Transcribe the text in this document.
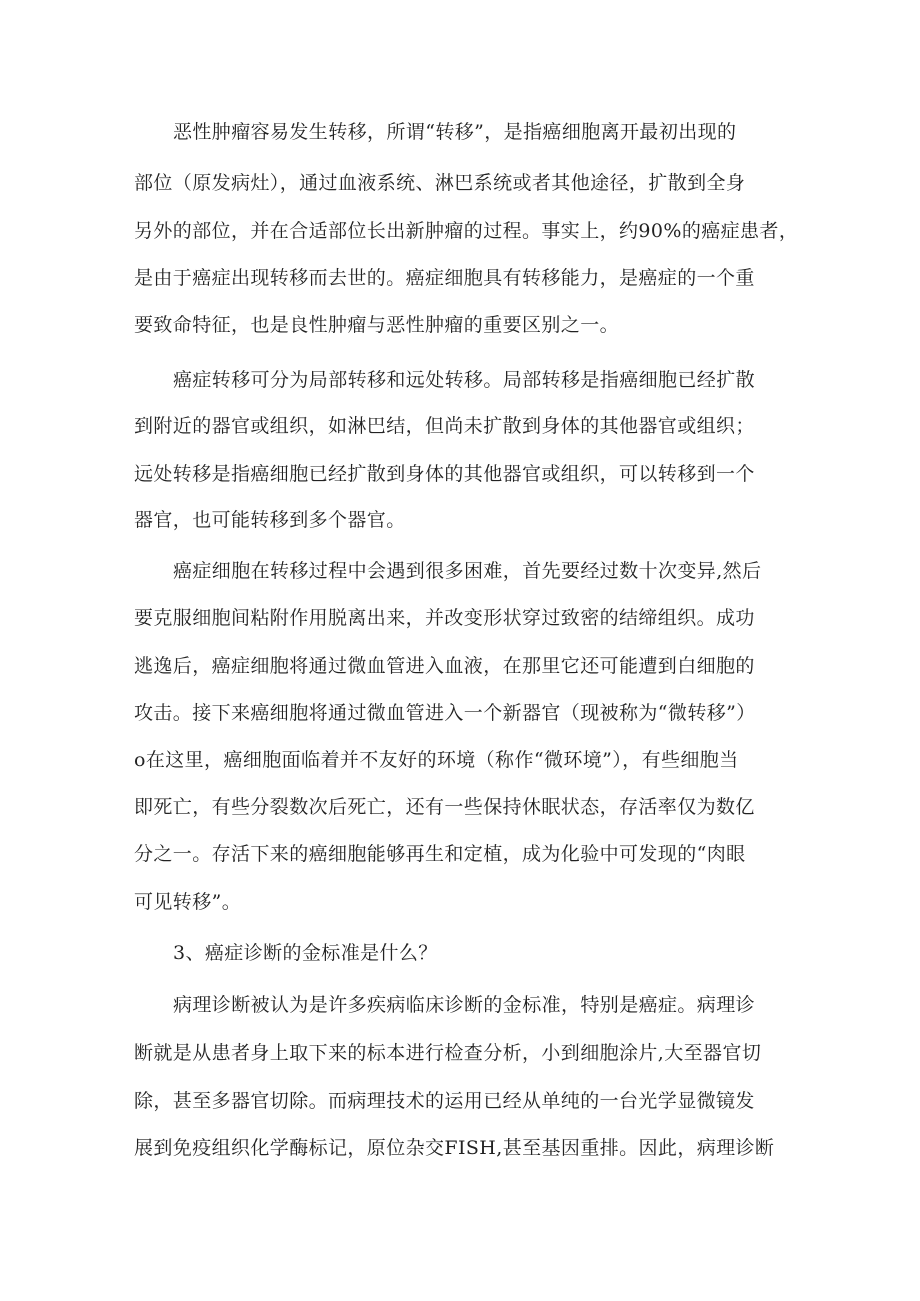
恶性肿瘤容易发生转移，所谓“转移”，是指癌细胞离开最初出现的
部位（原发病灶），通过血液系统、淋巴系统或者其他途径，扩散到全身
另外的部位，并在合适部位长出新肿瘤的过程。事实上，约90%的癌症患者，
是由于癌症出现转移而去世的。癌症细胞具有转移能力，是癌症的一个重
要致命特征，也是良性肿瘤与恶性肿瘤的重要区别之一。
癌症转移可分为局部转移和远处转移。局部转移是指癌细胞已经扩散
到附近的器官或组织，如淋巴结，但尚未扩散到身体的其他器官或组织；
远处转移是指癌细胞已经扩散到身体的其他器官或组织，可以转移到一个
器官，也可能转移到多个器官。
癌症细胞在转移过程中会遇到很多困难，首先要经过数十次变异,然后
要克服细胞间粘附作用脱离出来，并改变形状穿过致密的结缔组织。成功
逃逸后，癌症细胞将通过微血管进入血液，在那里它还可能遭到白细胞的
攻击。接下来癌细胞将通过微血管进入一个新器官（现被称为“微转移”）
o在这里，癌细胞面临着并不友好的环境（称作“微环境”），有些细胞当
即死亡，有些分裂数次后死亡，还有一些保持休眠状态，存活率仅为数亿
分之一。存活下来的癌细胞能够再生和定植，成为化验中可发现的“肉眼
可见转移”。
3、癌症诊断的金标准是什么？
病理诊断被认为是许多疾病临床诊断的金标准，特别是癌症。病理诊
断就是从患者身上取下来的标本进行检查分析，小到细胞涂片,大至器官切
除，甚至多器官切除。而病理技术的运用已经从单纯的一台光学显微镜发
展到免疫组织化学酶标记，原位杂交FISH,甚至基因重排。因此，病理诊断
